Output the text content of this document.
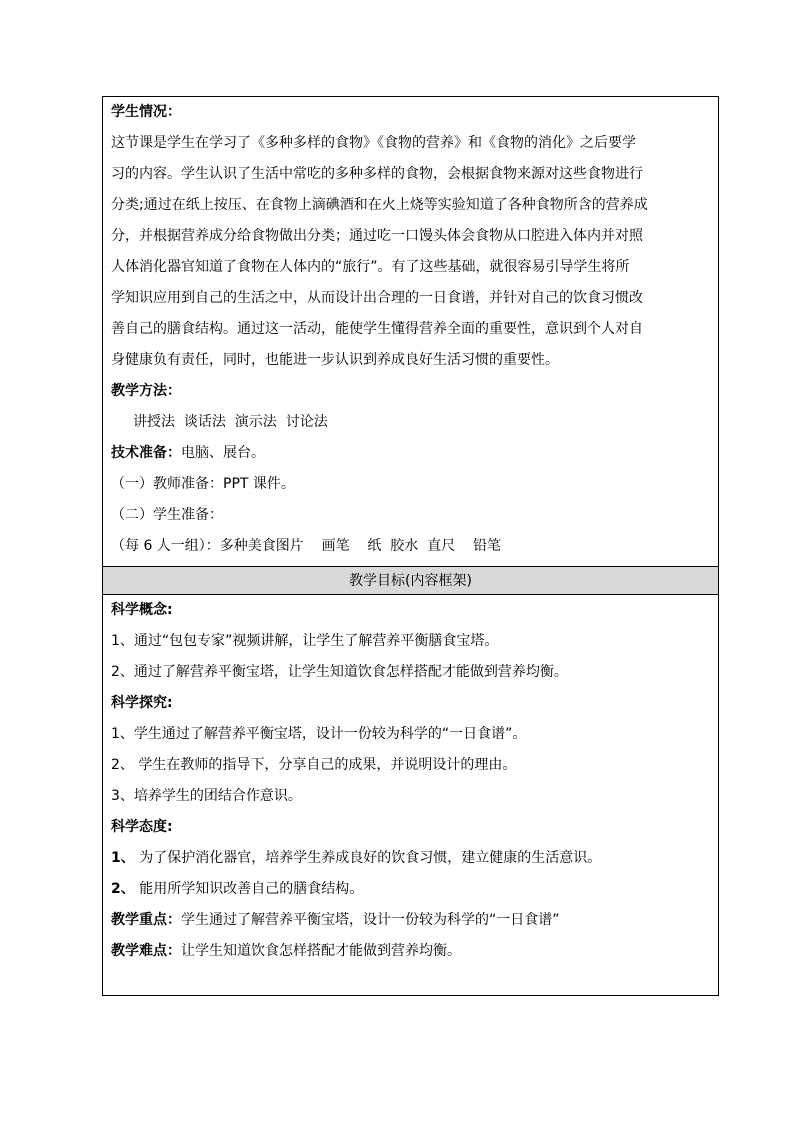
学生情况：
这节课是学生在学习了《多种多样的食物》《食物的营养》和《食物的消化》之后要学
习的内容。学生认识了生活中常吃的多种多样的食物，会根据食物来源对这些食物进行
分类;通过在纸上按压、在食物上滴碘酒和在火上烧等实验知道了各种食物所含的营养成
分，并根据营养成分给食物做出分类；通过吃一口馒头体会食物从口腔进入体内并对照
人体消化器官知道了食物在人体内的“旅行”。有了这些基础，就很容易引导学生将所
学知识应用到自己的生活之中，从而设计出合理的一日食谱，并针对自己的饮食习惯改
善自己的膳食结构。通过这一活动，能使学生懂得营养全面的重要性，意识到个人对自
身健康负有责任，同时，也能进一步认识到养成良好生活习惯的重要性。
教学方法：
讲授法  谈话法  演示法  讨论法
技术准备：电脑、展台。
（一）教师准备：PPT 课件。
（二）学生准备：
（每 6 人一组）：多种美食图片    画笔    纸  胶水  直尺    铅笔
教学目标(内容框架)
科学概念:
1、通过“包包专家”视频讲解，让学生了解营养平衡膳食宝塔。
2、通过了解营养平衡宝塔，让学生知道饮食怎样搭配才能做到营养均衡。
科学探究:
1、学生通过了解营养平衡宝塔，设计一份较为科学的“一日食谱”。
2、 学生在教师的指导下，分享自己的成果，并说明设计的理由。
3、培养学生的团结合作意识。
科学态度:
1、 为了保护消化器官，培养学生养成良好的饮食习惯，建立健康的生活意识。
2、 能用所学知识改善自己的膳食结构。
教学重点：学生通过了解营养平衡宝塔，设计一份较为科学的“一日食谱”
教学难点：让学生知道饮食怎样搭配才能做到营养均衡。
